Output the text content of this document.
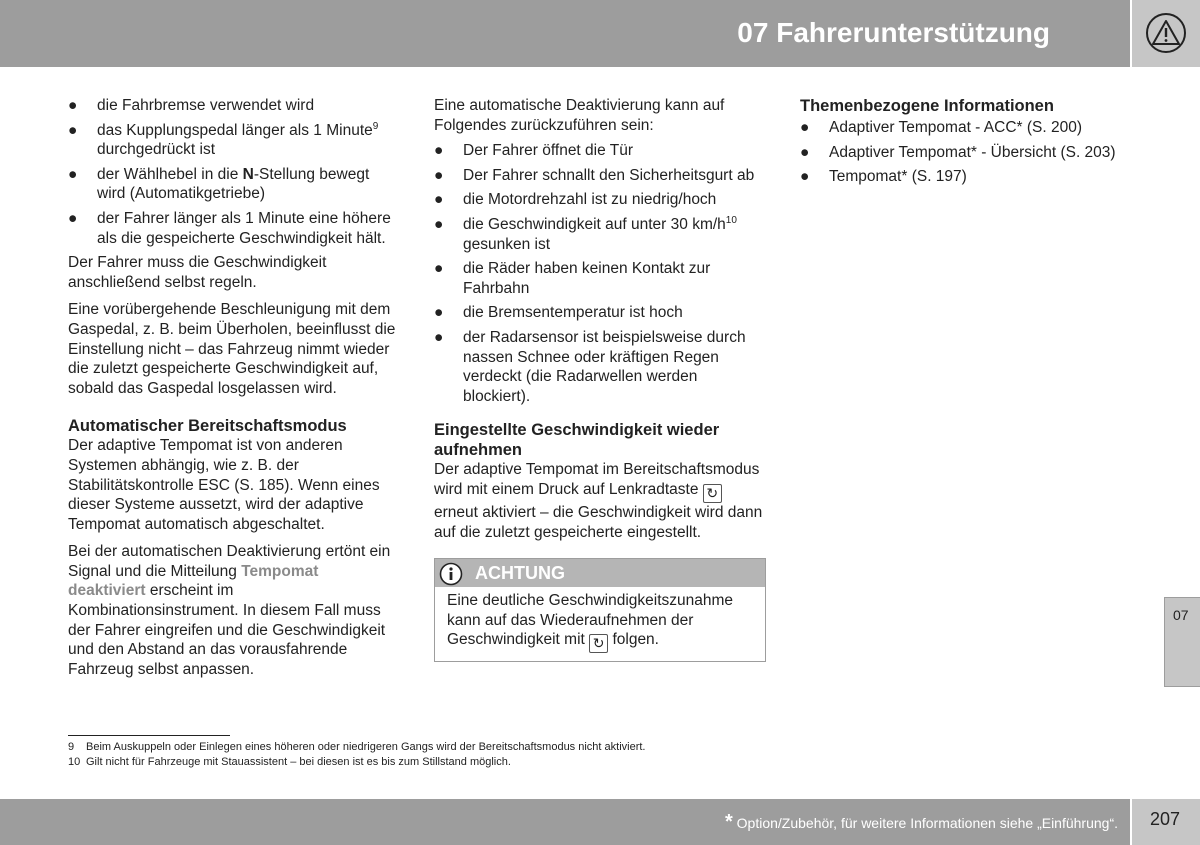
07 Fahrerunterstützung
● die Fahrbremse verwendet wird
● das Kupplungspedal länger als 1 Minute$^9$ durchgedrückt ist
● der Wählhebel in die N-Stellung bewegt wird (Automatikgetriebe)
● der Fahrer länger als 1 Minute eine höhere als die gespeicherte Geschwindigkeit hält.

Der Fahrer muss die Geschwindigkeit anschließend selbst regeln.

Eine vorübergehende Beschleunigung mit dem Gaspedal, z. B. beim Überholen, beeinflusst die Einstellung nicht – das Fahrzeug nimmt wieder die zuletzt gespeicherte Geschwindigkeit auf, sobald das Gaspedal losgelassen wird.

Automatischer Bereitschaftsmodus

Der adaptive Tempomat ist von anderen Systemen abhängig, wie z. B. der Stabilitätskontrolle ESC (S. 185). Wenn eines dieser Systeme aussetzt, wird der adaptive Tempomat automatisch abgeschaltet.

Bei der automatischen Deaktivierung ertönt ein Signal und die Mitteilung Tempomat deaktiviert erscheint im Kombinationsinstrument. In diesem Fall muss der Fahrer eingreifen und die Geschwindigkeit und den Abstand an das vorausfahrende Fahrzeug selbst anpassen.

Eine automatische Deaktivierung kann auf Folgendes zurückzuführen sein:

● Der Fahrer öffnet die Tür
● Der Fahrer schnallt den Sicherheitsgurt ab
● die Motordrehzahl ist zu niedrig/hoch
● die Geschwindigkeit auf unter 30 $km/h^{10}$ gesunken ist
● die Räder haben keinen Kontakt zur Fahrbahn
● die Bremsentemperatur ist hoch
● der Radarsensor ist beispielsweise durch nassen Schnee oder kräftigen Regen verdeckt (die Radarwellen werden blockiert).
Eingestellte Geschwindigkeit wieder aufnehmen

Der adaptive Tempomat im Bereitschaftsmodus wird mit einem Druck auf Lenkradtaste ↻ erneut aktiviert – die Geschwindigkeit wird dann auf die zuletzt gespeicherte eingestellt.

ACHTUNG
Eine deutliche Geschwindigkeitszunahme kann auf das Wiederaufnehmen der Geschwindigkeit mit ↻ folgen.
Themenbezogene Informationen
● Adaptiver Tempomat - ACC* (S. 200)
● Adaptiver Tempomat* - Übersicht (S. 203)
● Tempomat* (S. 197)
07
9 Beim Auskuppeln oder Einlegen eines höheren oder niedrigeren Gangs wird der Bereitschaftsmodus nicht aktiviert.
10 Gilt nicht für Fahrzeuge mit Stauassistent – bei diesen ist es bis zum Stillstand möglich.
* Option/Zubehör, für weitere Informationen siehe „Einführung“. 207
